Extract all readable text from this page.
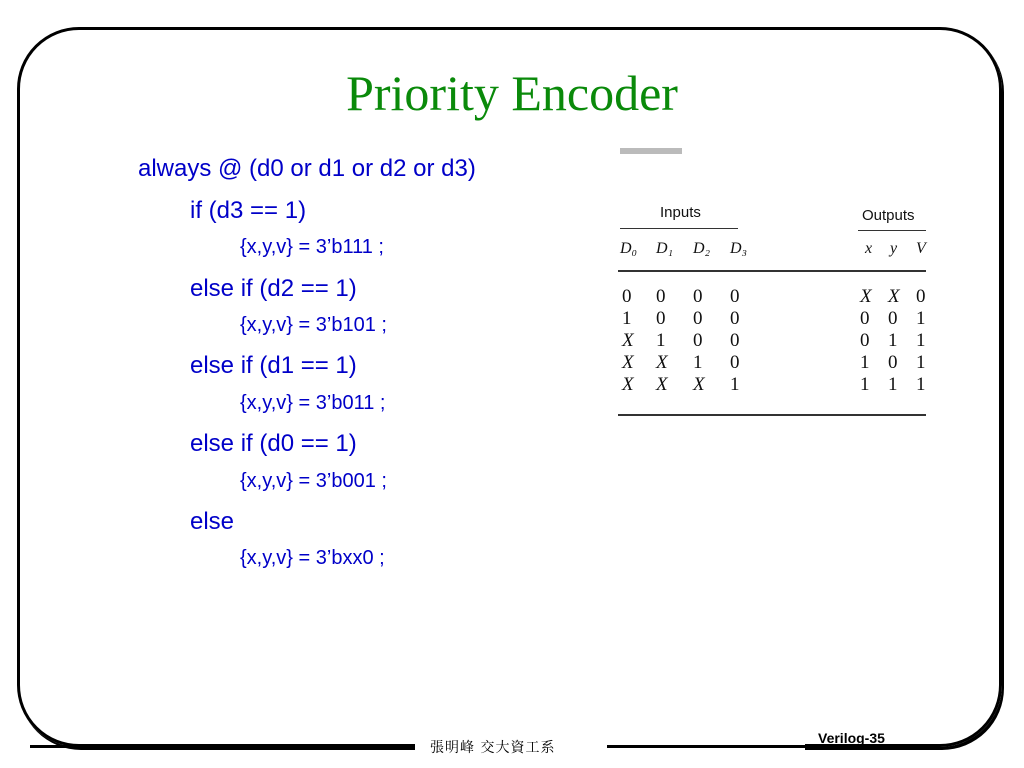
Priority Encoder
always @ (d0 or d1 or d2 or d3)
if (d3 == 1)
{x,y,v} = 3’b111 ;
else if (d2 == 1)
{x,y,v} = 3’b101 ;
else if (d1 == 1)
{x,y,v} = 3’b011 ;
else if (d0 == 1)
{x,y,v} = 3’b001 ;
else
{x,y,v} = 3’bxx0 ;
Inputs	Outputs
D₀ D₁ D₂ D₃	x y V
0 0 0 0	X X 0
1 0 0 0	0 0 1
X 1 0 0	0 1 1
X X 1 0	1 0 1
X X X 1	1 1 1
張明峰 交大資工系
Verilog-35
